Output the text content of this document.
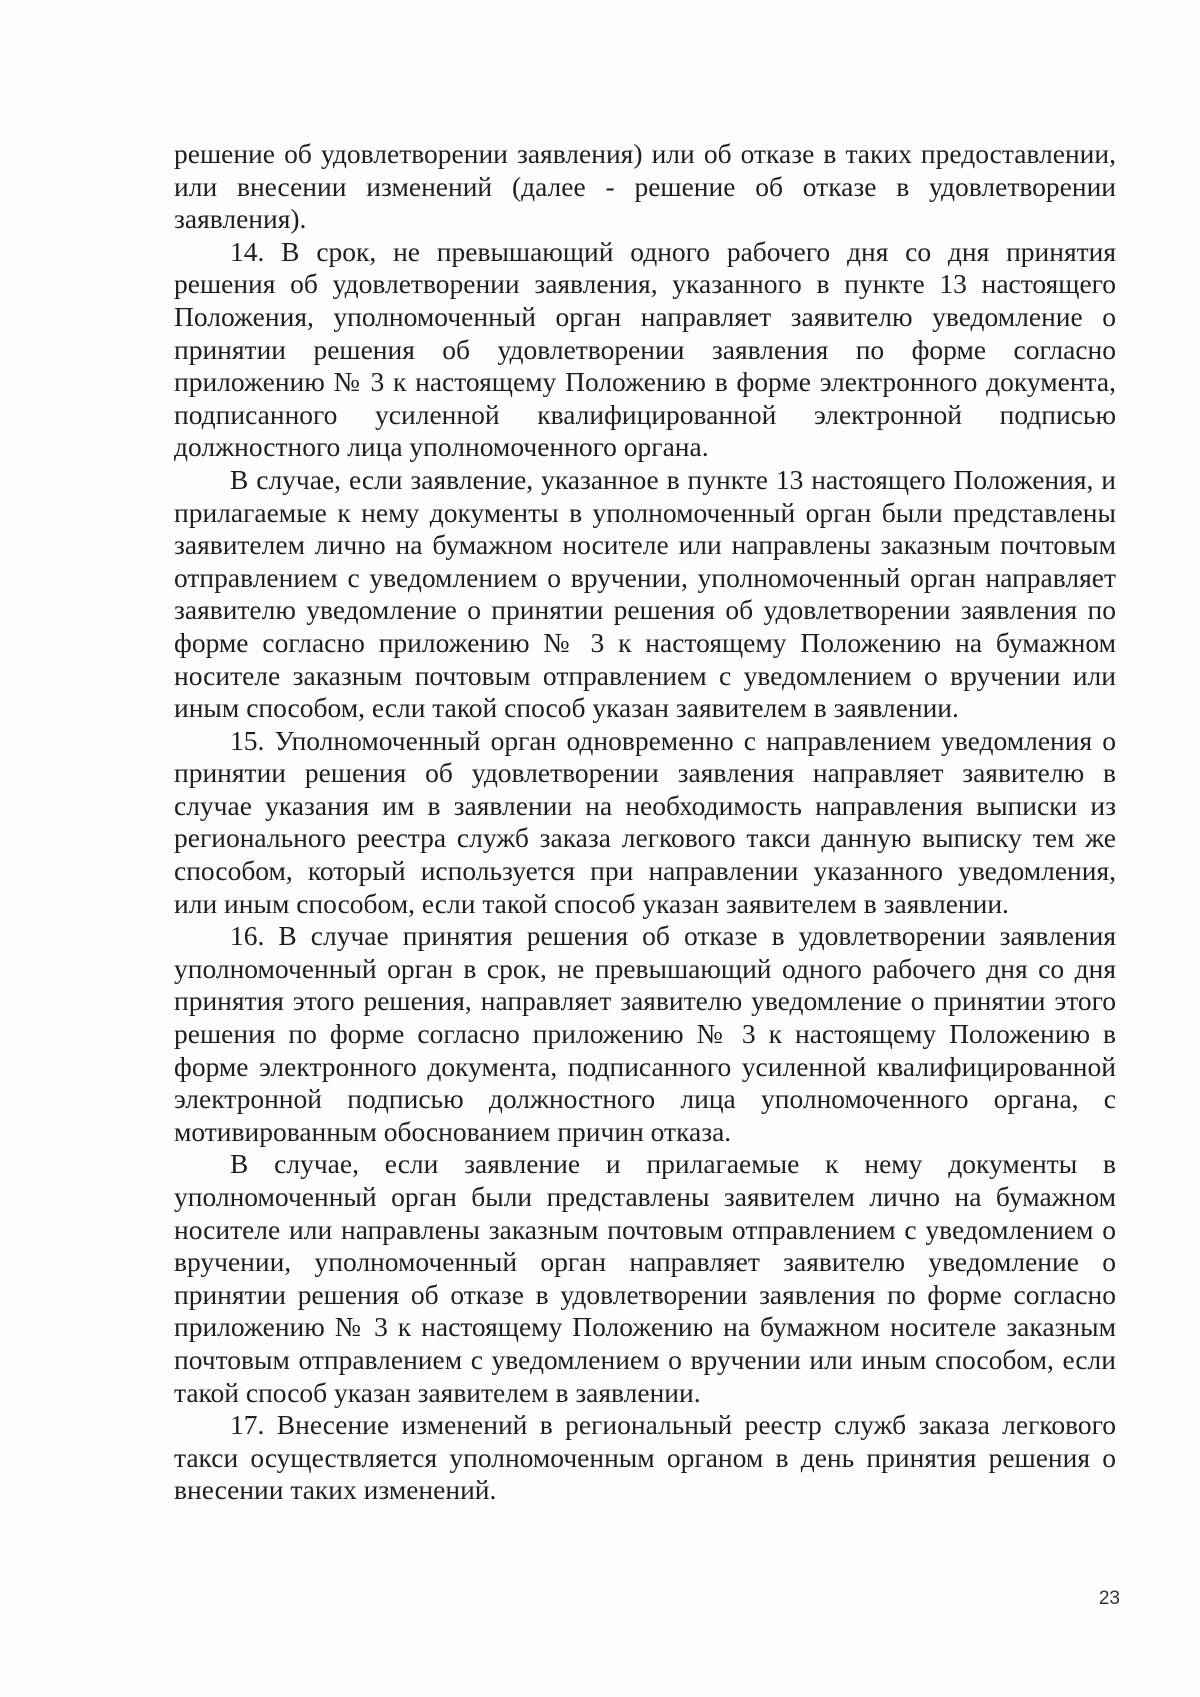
решение об удовлетворении заявления) или об отказе в таких предоставлении, или внесении изменений (далее - решение об отказе в удовлетворении заявления).

14. В срок, не превышающий одного рабочего дня со дня принятия решения об удовлетворении заявления, указанного в пункте 13 настоящего Положения, уполномоченный орган направляет заявителю уведомление о принятии решения об удовлетворении заявления по форме согласно приложению № 3 к настоящему Положению в форме электронного документа, подписанного усиленной квалифицированной электронной подписью должностного лица уполномоченного органа.

В случае, если заявление, указанное в пункте 13 настоящего Положения, и прилагаемые к нему документы в уполномоченный орган были представлены заявителем лично на бумажном носителе или направлены заказным почтовым отправлением с уведомлением о вручении, уполномоченный орган направляет заявителю уведомление о принятии решения об удовлетворении заявления по форме согласно приложению № 3 к настоящему Положению на бумажном носителе заказным почтовым отправлением с уведомлением о вручении или иным способом, если такой способ указан заявителем в заявлении.

15. Уполномоченный орган одновременно с направлением уведомления о принятии решения об удовлетворении заявления направляет заявителю в случае указания им в заявлении на необходимость направления выписки из регионального реестра служб заказа легкового такси данную выписку тем же способом, который используется при направлении указанного уведомления, или иным способом, если такой способ указан заявителем в заявлении.

16. В случае принятия решения об отказе в удовлетворении заявления уполномоченный орган в срок, не превышающий одного рабочего дня со дня принятия этого решения, направляет заявителю уведомление о принятии этого решения по форме согласно приложению № 3 к настоящему Положению в форме электронного документа, подписанного усиленной квалифицированной электронной подписью должностного лица уполномоченного органа, с мотивированным обоснованием причин отказа.

В случае, если заявление и прилагаемые к нему документы в уполномоченный орган были представлены заявителем лично на бумажном носителе или направлены заказным почтовым отправлением с уведомлением о вручении, уполномоченный орган направляет заявителю уведомление о принятии решения об отказе в удовлетворении заявления по форме согласно приложению № 3 к настоящему Положению на бумажном носителе заказным почтовым отправлением с уведомлением о вручении или иным способом, если такой способ указан заявителем в заявлении.

17. Внесение изменений в региональный реестр служб заказа легкового такси осуществляется уполномоченным органом в день принятия решения о внесении таких изменений.

23
